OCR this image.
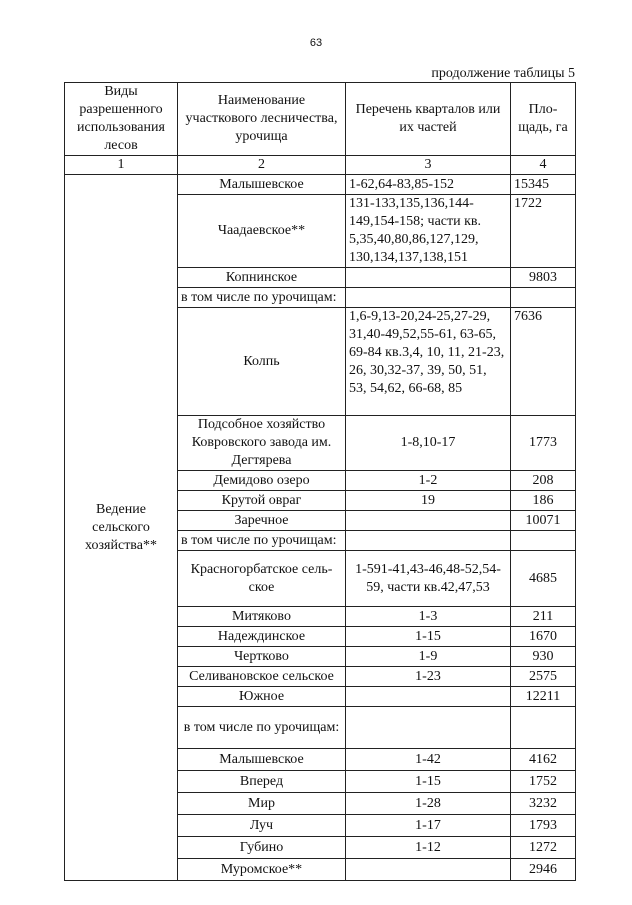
63
продолжение таблицы 5
Виды разрешенного использования лесов	Наименование участкового лесничества, урочища	Перечень кварталов или их частей	Пло-щадь, га
1	2	3	4
Ведение сельского хозяйства**	Малышевское	1-62,64-83,85-152	15345
	Чаадаевское**	131-133,135,136,144-149,154-158; части кв. 5,35,40,80,86,127,129, 130,134,137,138,151	1722
	Копнинское		9803
	в том числе по урочищам:		
	Колпь	1,6-9,13-20,24-25,27-29, 31,40-49,52,55-61, 63-65, 69-84 кв.3,4, 10, 11, 21-23, 26, 30,32-37, 39, 50, 51, 53, 54,62, 66-68, 85	7636
	Подсобное хозяйство Ковровского завода им. Дегтярева	1-8,10-17	1773
	Демидово озеро	1-2	208
	Крутой овраг	19	186
	Заречное		10071
	в том числе по урочищам:		
	Красногорбатское сель-ское	1-591-41,43-46,48-52,54-59, части кв.42,47,53	4685
	Митяково	1-3	211
	Надеждинское	1-15	1670
	Чертково	1-9	930
	Селивановское сельское	1-23	2575
	Южное		12211
	в том числе по урочищам:		
	Малышевское	1-42	4162
	Вперед	1-15	1752
	Мир	1-28	3232
	Луч	1-17	1793
	Губино	1-12	1272
	Муромское**		2946
